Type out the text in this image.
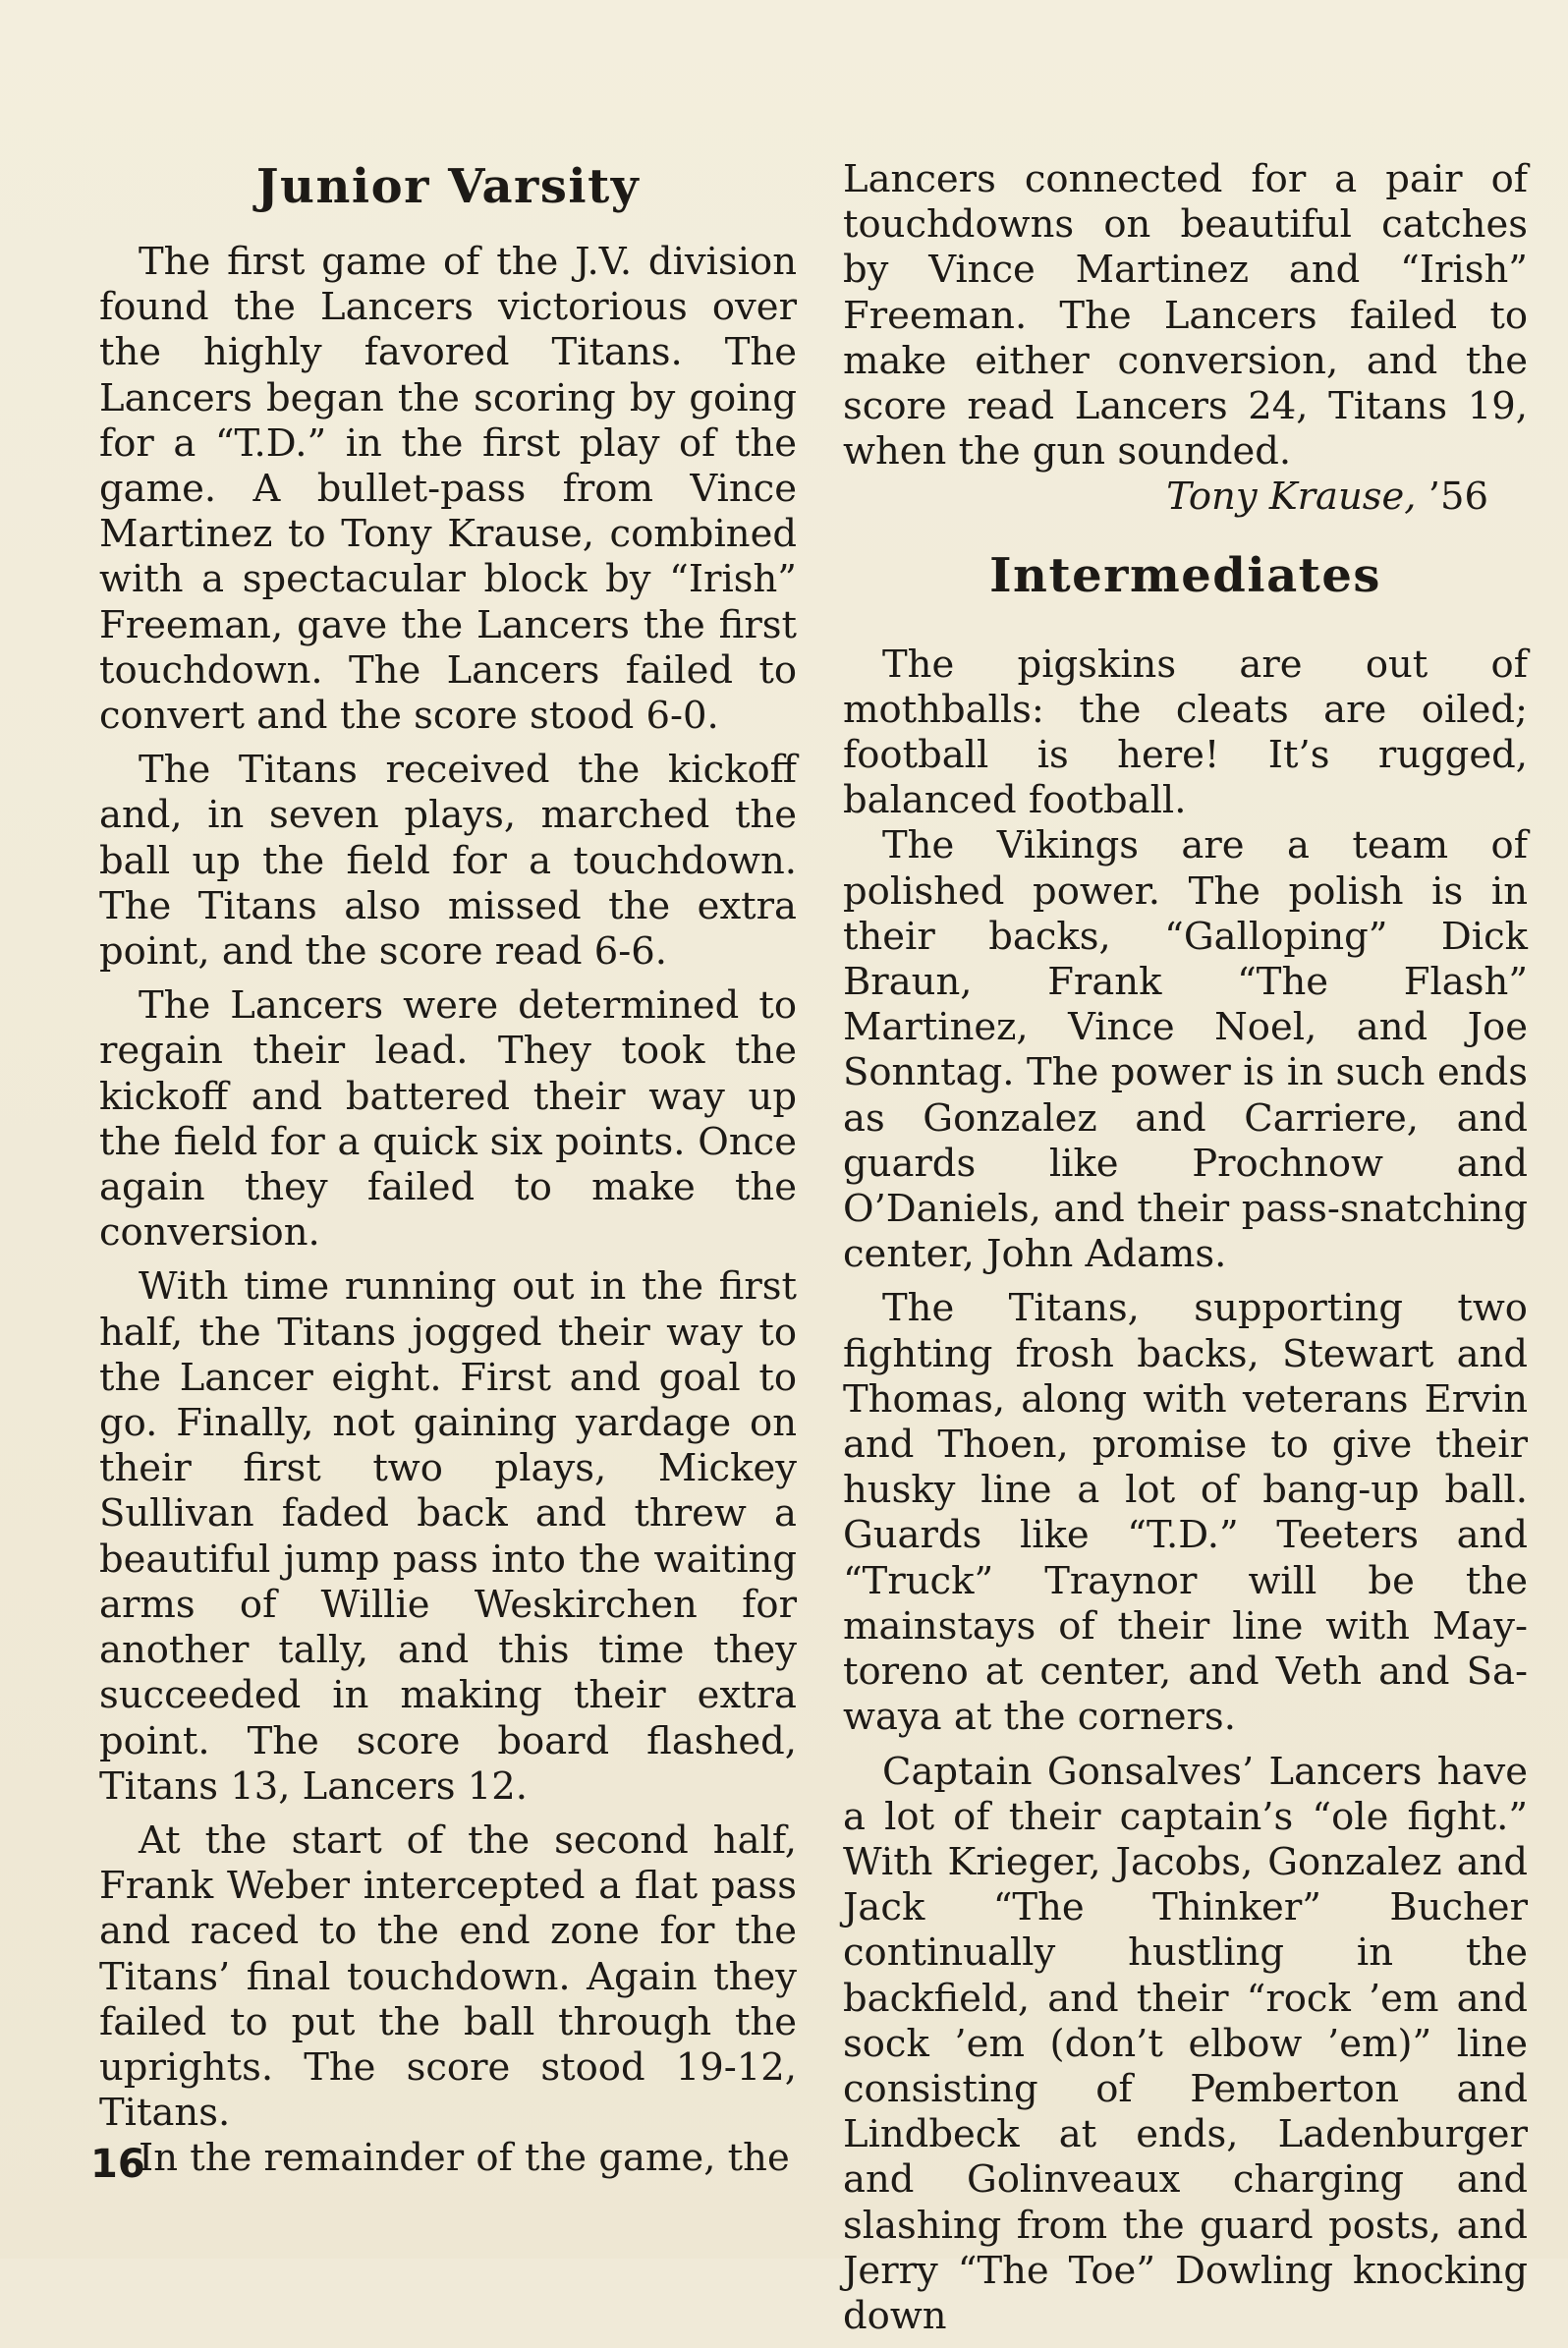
Junior Varsity

The first game of the J.V. division found the Lancers victorious over the highly favored Titans. The Lancers began the scoring by going for a “T.D.” in the first play of the game. A bullet-pass from Vince Martinez to Tony Krause, combined with a spectacular block by “Irish” Freeman, gave the Lancers the first touchdown. The Lancers failed to convert and the score stood 6-0.

The Titans received the kickoff and, in seven plays, marched the ball up the field for a touchdown. The Titans also missed the extra point, and the score read 6-6.

The Lancers were determined to regain their lead. They took the kickoff and battered their way up the field for a quick six points. Once again they failed to make the conversion.

With time running out in the first half, the Titans jogged their way to the Lancer eight. First and goal to go. Finally, not gaining yardage on their first two plays, Mickey Sullivan faded back and threw a beautiful jump pass into the waiting arms of Willie Weskirchen for another tally, and this time they succeeded in making their extra point. The score board flashed, Titans 13, Lancers 12.

At the start of the second half, Frank Weber intercepted a flat pass and raced to the end zone for the Titans’ final touchdown. Again they failed to put the ball through the uprights. The score stood 19-12, Titans.

In the remainder of the game, the

Lancers connected for a pair of touchdowns on beautiful catches by Vince Martinez and “Irish” Freeman. The Lancers failed to make either conversion, and the score read Lancers 24, Titans 19, when the gun sounded.

Tony Krause, ’56

Intermediates

The pigskins are out of mothballs: the cleats are oiled; football is here! It’s rugged, balanced football.

The Vikings are a team of polished power. The polish is in their backs, “Galloping” Dick Braun, Frank “The Flash” Martinez, Vince Noel, and Joe Sonntag. The power is in such ends as Gonzalez and Carriere, and guards like Prochnow and O’Daniels, and their pass-snatching center, John Adams.

The Titans, supporting two fighting frosh backs, Stewart and Thomas, along with veterans Ervin and Thoen, promise to give their husky line a lot of bang-up ball. Guards like “T.D.” Teeters and “Truck” Traynor will be the mainstays of their line with Maytoreno at center, and Veth and Sawaya at the corners.

Captain Gonsalves’ Lancers have a lot of their captain’s “ole fight.” With Krieger, Jacobs, Gonzalez and Jack “The Thinker” Bucher continually hustling in the backfield, and their “rock ’em and sock ’em (don’t elbow ’em)” line consisting of Pemberton and Lindbeck at ends, Ladenburger and Golinveaux charging and slashing from the guard posts, and Jerry “The Toe” Dowling knocking down

16
